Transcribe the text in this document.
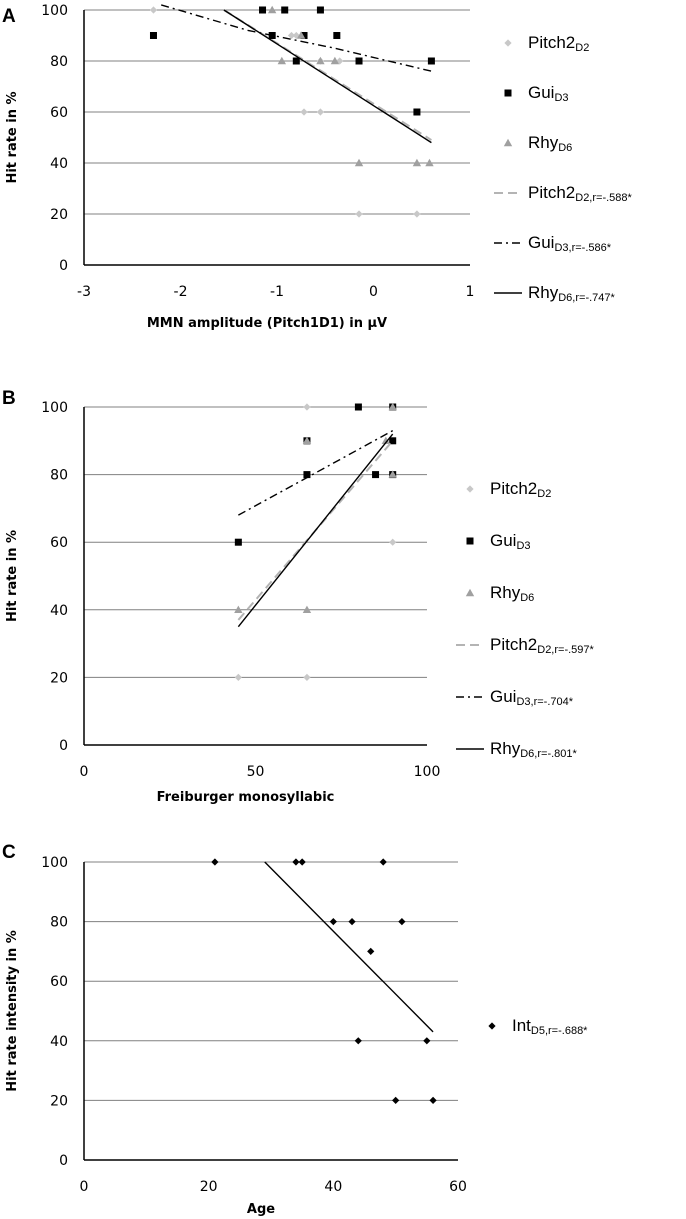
A
0
20
40
60
80
100
-3	-2	-1	0	1
MMN amplitude (Pitch1D1) in µV
Hit rate in %
Pitch2D2
GuiD3
RhyD6
Pitch2D2,r=-.588*
GuiD3,r=-.586*
RhyD6,r=-.747*
B
0
20
40
60
80
100
0	50	100
Freiburger monosyllabic
Hit rate in %
Pitch2D2
GuiD3
RhyD6
Pitch2D2,r=-.597*
GuiD3,r=-.704*
RhyD6,r=-.801*
C
0
20
40
60
80
100
0	20	40	60
Age
Hit rate intensity in %	IntD5,r=-.688*
